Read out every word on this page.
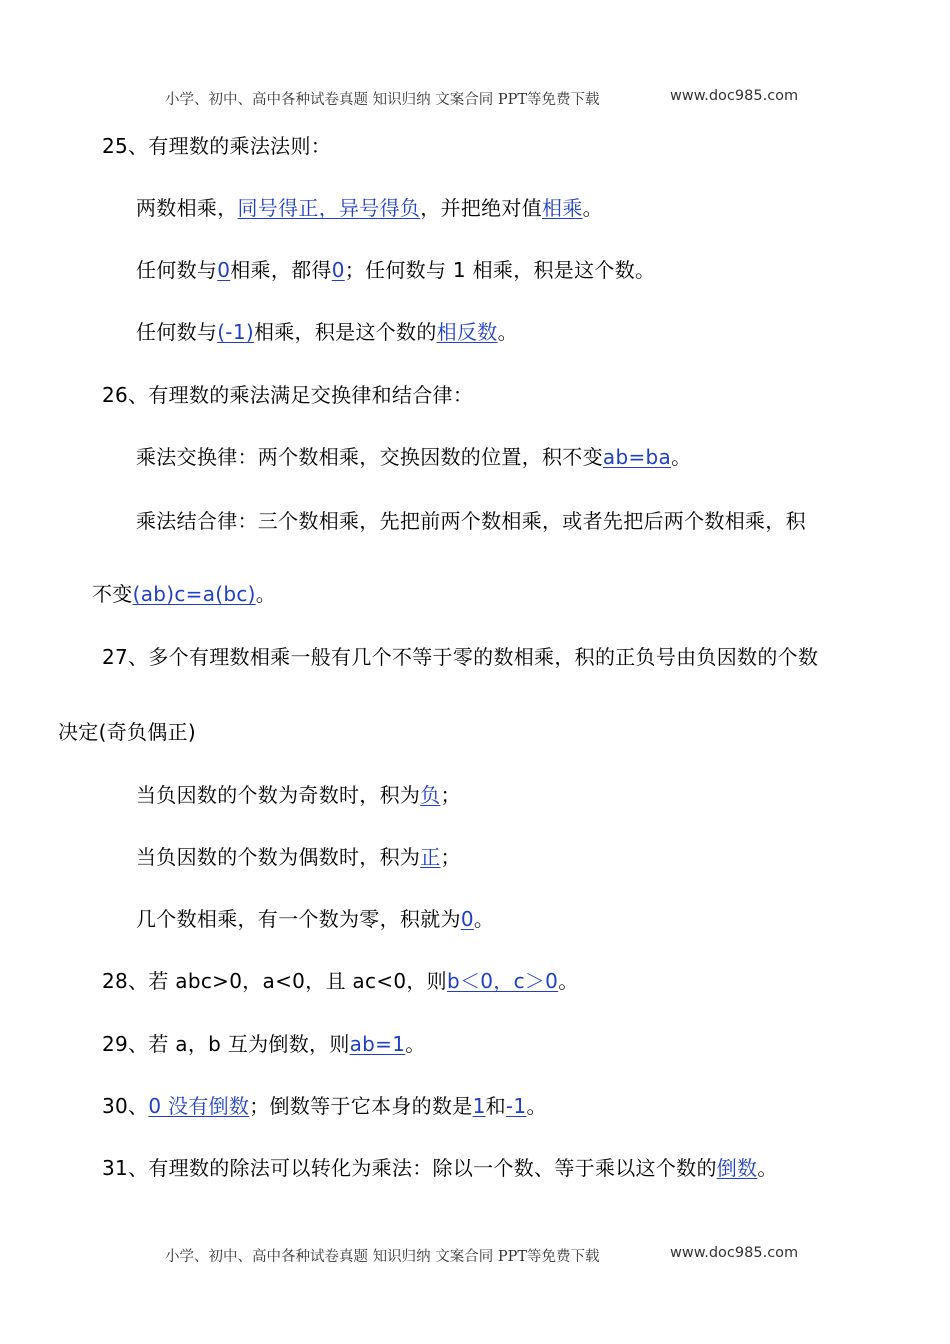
小学、初中、高中各种试卷真题 知识归纳 文案合同 PPT等免费下载	www.doc985.com
25、有理数的乘法法则：
两数相乘，同号得正，异号得负，并把绝对值相乘。
任何数与0相乘，都得0；任何数与 1 相乘，积是这个数。
任何数与(-1)相乘，积是这个数的相反数。
26、有理数的乘法满足交换律和结合律：
乘法交换律：两个数相乘，交换因数的位置，积不变ab=ba。
乘法结合律：三个数相乘，先把前两个数相乘，或者先把后两个数相乘，积
不变(ab)c=a(bc)。
27、多个有理数相乘一般有几个不等于零的数相乘，积的正负号由负因数的个数
决定(奇负偶正)
当负因数的个数为奇数时，积为负；
当负因数的个数为偶数时，积为正；
几个数相乘，有一个数为零，积就为0。
28、若 abc>0，a<0，且 ac<0，则b＜0，c＞0。
29、若 a，b 互为倒数，则ab=1。
30、0 没有倒数；倒数等于它本身的数是1和-1。
31、有理数的除法可以转化为乘法：除以一个数、等于乘以这个数的倒数。
小学、初中、高中各种试卷真题 知识归纳 文案合同 PPT等免费下载	www.doc985.com
